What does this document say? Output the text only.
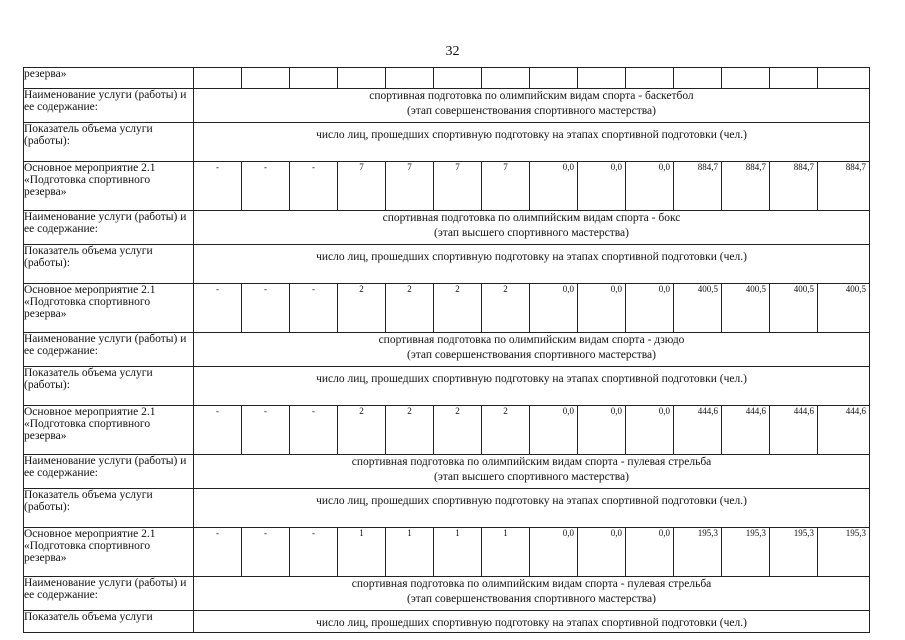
32
резерва»														
Наименование услуги (работы) и ее содержание:	спортивная подготовка по олимпийским видам спорта - баскетбол
(этап совершенствования спортивного мастерства)													

Показатель объема услуги (работы):	число лиц, прошедших спортивную подготовку на этапах спортивной подготовки (чел.)													
Основное мероприятие 2.1 «Подготовка спортивного резерва»	-	-	-	7	7	7	7	0,0	0,0	0,0	884,7	884,7	884,7	884,7
Наименование услуги (работы) и ее содержание:	спортивная подготовка по олимпийским видам спорта - бокс
(этап высшего спортивного мастерства)													

Показатель объема услуги (работы):	число лиц, прошедших спортивную подготовку на этапах спортивной подготовки (чел.)													
Основное мероприятие 2.1 «Подготовка спортивного резерва»	-	-	-	2	2	2	2	0,0	0,0	0,0	400,5	400,5	400,5	400,5
Наименование услуги (работы) и ее содержание:	спортивная подготовка по олимпийским видам спорта - дзюдо
(этап совершенствования спортивного мастерства)													

Показатель объема услуги (работы):	число лиц, прошедших спортивную подготовку на этапах спортивной подготовки (чел.)													
Основное мероприятие 2.1 «Подготовка спортивного резерва»	-	-	-	2	2	2	2	0,0	0,0	0,0	444,6	444,6	444,6	444,6
Наименование услуги (работы) и ее содержание:	спортивная подготовка по олимпийским видам спорта - пулевая стрельба
(этап высшего спортивного мастерства)													

Показатель объема услуги (работы):	число лиц, прошедших спортивную подготовку на этапах спортивной подготовки (чел.)													
Основное мероприятие 2.1 «Подготовка спортивного резерва»	-	-	-	1	1	1	1	0,0	0,0	0,0	195,3	195,3	195,3	195,3
Наименование услуги (работы) и ее содержание:	спортивная подготовка по олимпийским видам спорта - пулевая стрельба
(этап совершенствования спортивного мастерства)													

Показатель объема услуги	число лиц, прошедших спортивную подготовку на этапах спортивной подготовки (чел.)													
